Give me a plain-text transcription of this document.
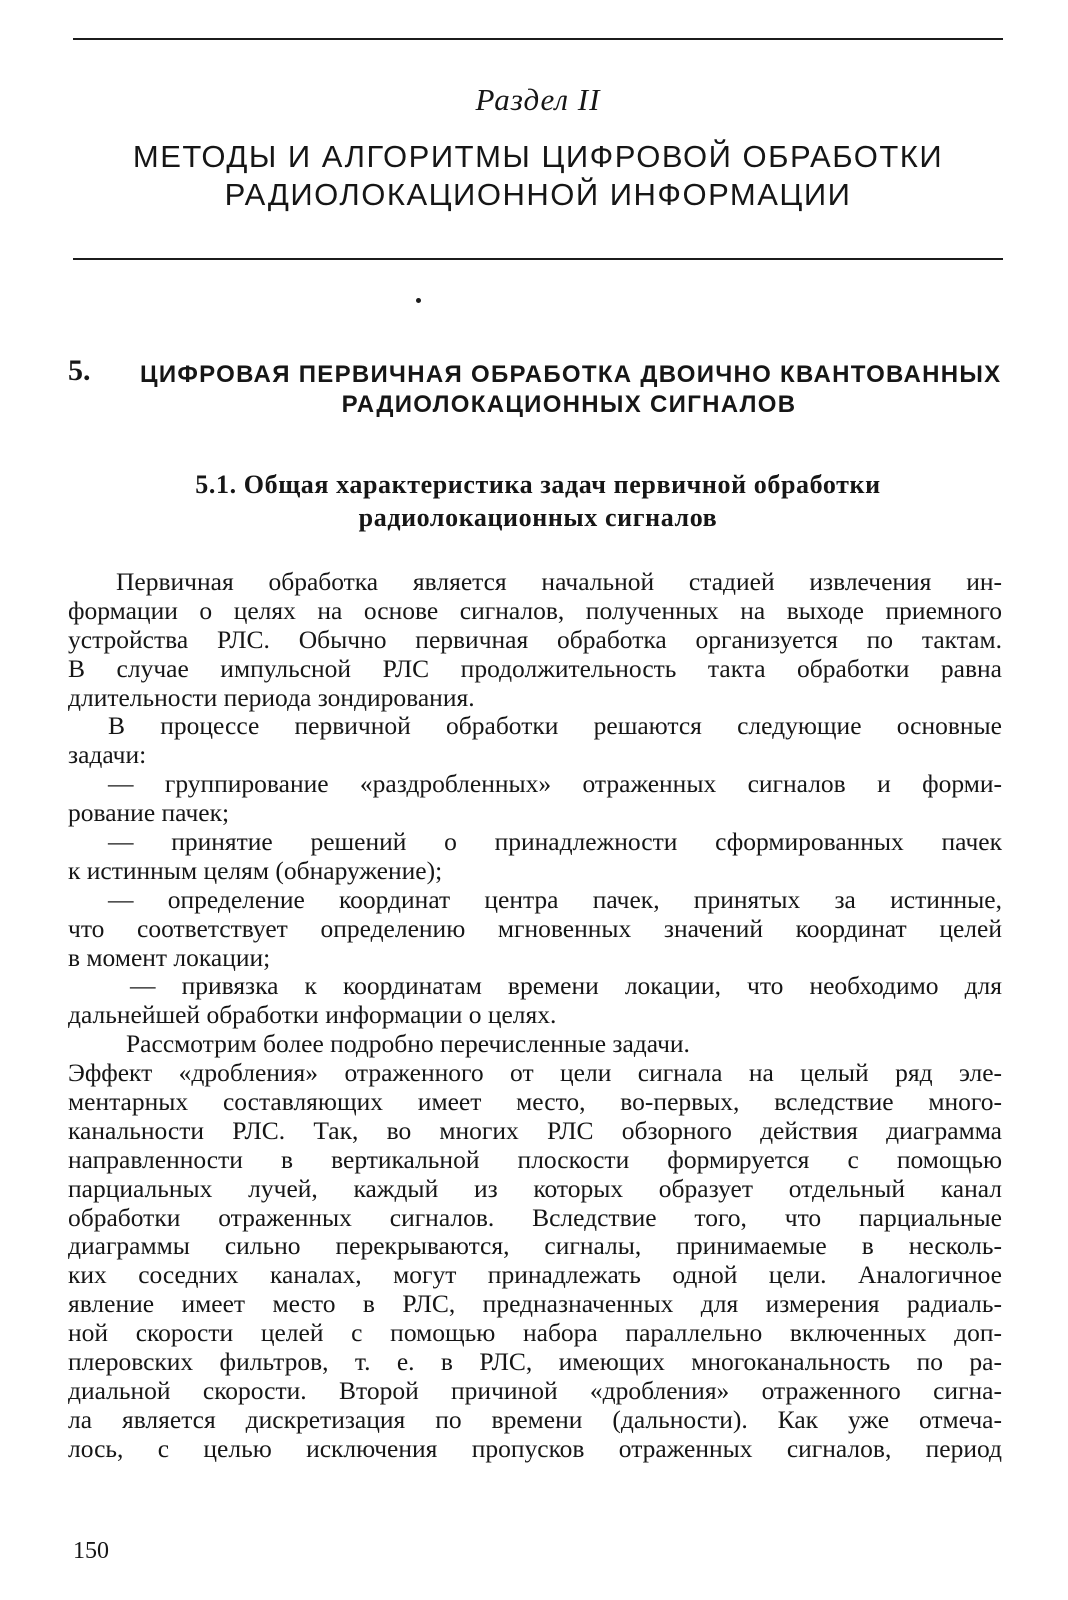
Раздел II
МЕТОДЫ И АЛГОРИТМЫ ЦИФРОВОЙ ОБРАБОТКИ
РАДИОЛОКАЦИОННОЙ ИНФОРМАЦИИ
5. ЦИФРОВАЯ ПЕРВИЧНАЯ ОБРАБОТКА ДВОИЧНО КВАНТОВАННЫХ
РАДИОЛОКАЦИОННЫХ СИГНАЛОВ
5.1. Общая характеристика задач первичной обработки
радиолокационных сигналов
Первичная обработка является начальной стадией извлечения ин-
формации о целях на основе сигналов, полученных на выходе приемного
устройства РЛС. Обычно первичная обработка организуется по тактам.
В случае импульсной РЛС продолжительность такта обработки равна
длительности периода зондирования.
В процессе первичной обработки решаются следующие основные
задачи:
— группирование «раздробленных» отраженных сигналов и форми-
рование пачек;
— принятие решений о принадлежности сформированных пачек
к истинным целям (обнаружение);
— определение координат центра пачек, принятых за истинные,
что соответствует определению мгновенных значений координат целей
в момент локации;
— привязка к координатам времени локации, что необходимо для
дальнейшей обработки информации о целях.
Рассмотрим более подробно перечисленные задачи.
Эффект «дробления» отраженного от цели сигнала на целый ряд эле-
ментарных составляющих имеет место, во-первых, вследствие много-
канальности РЛС. Так, во многих РЛС обзорного действия диаграмма
направленности в вертикальной плоскости формируется с помощью
парциальных лучей, каждый из которых образует отдельный канал
обработки отраженных сигналов. Вследствие того, что парциальные
диаграммы сильно перекрываются, сигналы, принимаемые в несколь-
ких соседних каналах, могут принадлежать одной цели. Аналогичное
явление имеет место в РЛС, предназначенных для измерения радиаль-
ной скорости целей с помощью набора параллельно включенных доп-
плеровских фильтров, т. е. в РЛС, имеющих многоканальность по ра-
диальной скорости. Второй причиной «дробления» отраженного сигна-
ла является дискретизация по времени (дальности). Как уже отмеча-
лось, с целью исключения пропусков отраженных сигналов, период
150
